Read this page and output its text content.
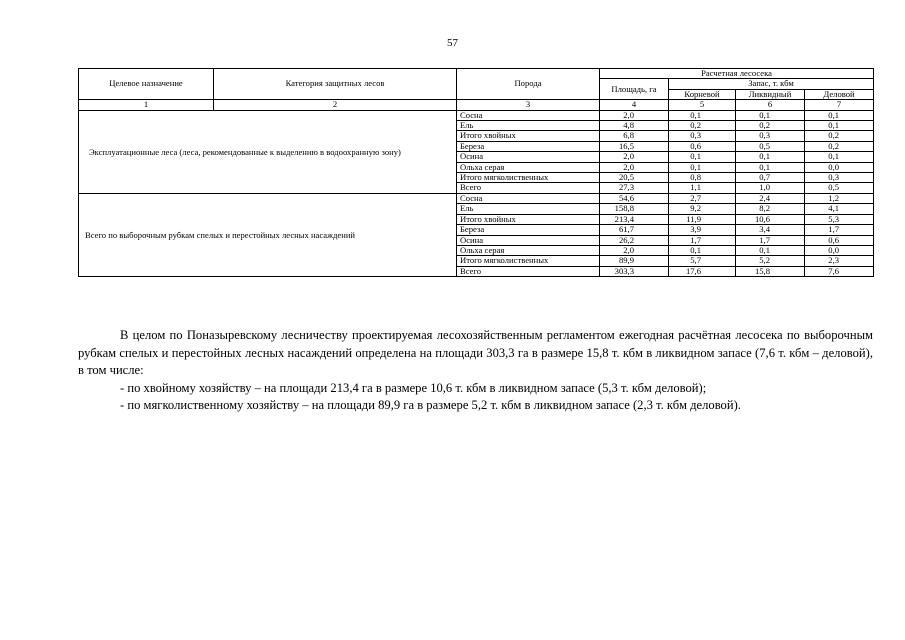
57
Целевое назначение	Категория защитных лесов	Порода	Расчетная лесосека			
			Площадь, га	Запас, т. кбм		
				Корневой	Ликвидный	Деловой
1	2	3	4	5	6	7
Эксплуатационные леса (леса, рекомендованные к выделению в водоохранную зону)		Сосна	2,0	0,1	0,1	0,1
		Ель	4,8	0,2	0,2	0,1
		Итого хвойных	6,8	0,3	0,3	0,2
		Береза	16,5	0,6	0,5	0,2
		Осина	2,0	0,1	0,1	0,1
		Ольха серая	2,0	0,1	0,1	0,0
		Итого мягколиственных	20,5	0,8	0,7	0,3
		Всего	27,3	1,1	1,0	0,5
Всего по выборочным рубкам спелых и перестойных лесных насаждений		Сосна	54,6	2,7	2,4	1,2
		Ель	158,8	9,2	8,2	4,1
		Итого хвойных	213,4	11,9	10,6	5,3
		Береза	61,7	3,9	3,4	1,7
		Осина	26,2	1,7	1,7	0,6
		Ольха серая	2,0	0,1	0,1	0,0
		Итого мягколиственных	89,9	5,7	5,2	2,3
		Всего	303,3	17,6	15,8	7,6

В целом по Поназыревскому лесничеству проектируемая лесохозяйственным регламентом ежегодная расчётная лесосека по выборочным рубкам спелых и перестойных лесных насаждений определена на площади 303,3 га в размере 15,8 т. кбм в ликвидном запасе (7,6 т. кбм – деловой), в том числе:

- по хвойному хозяйству – на площади 213,4 га в размере 10,6 т. кбм в ликвидном запасе (5,3 т. кбм деловой);

- по мягколиственному хозяйству – на площади 89,9 га в размере 5,2 т. кбм в ликвидном запасе (2,3 т. кбм деловой).
